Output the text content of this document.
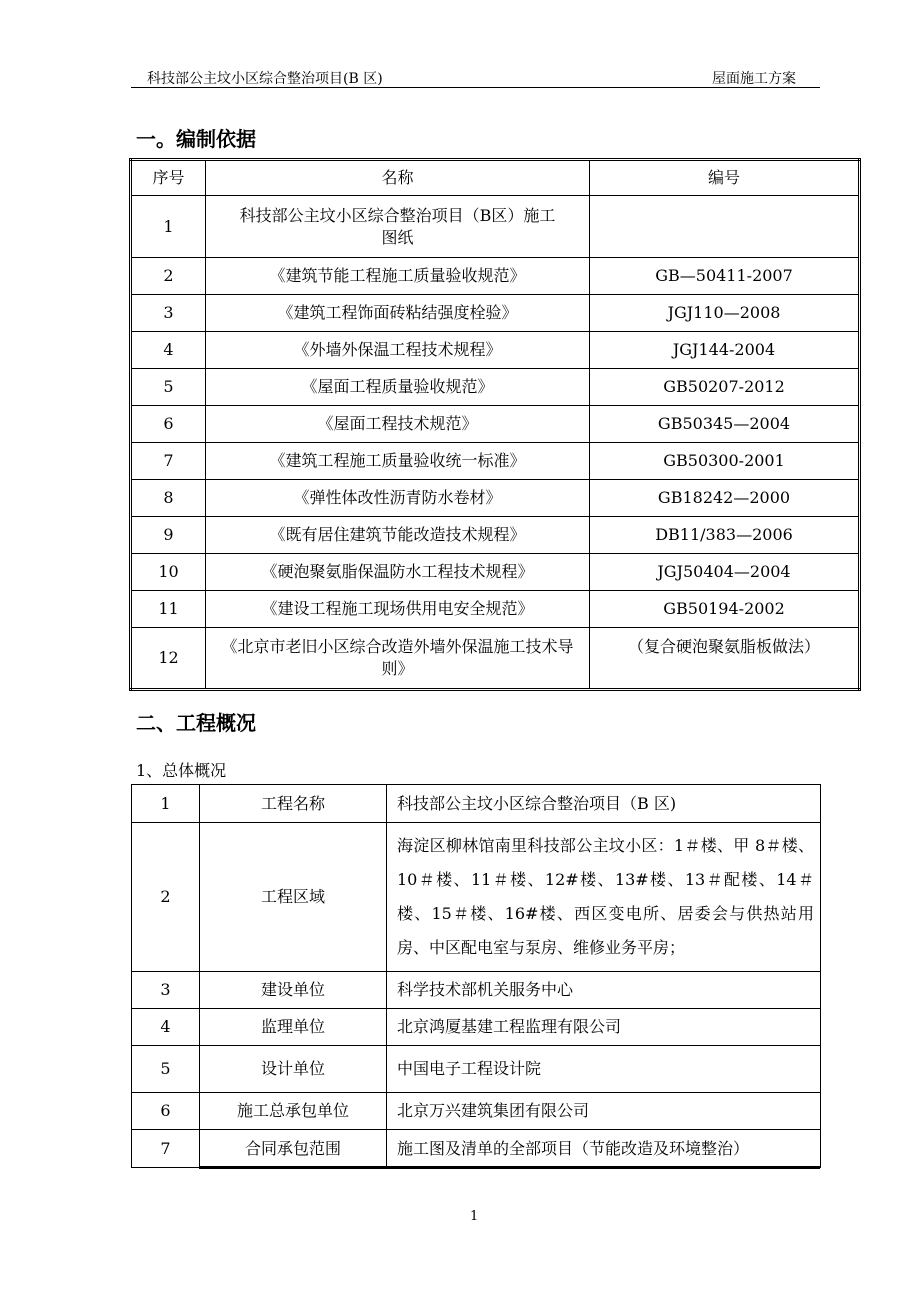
科技部公主坟小区综合整治项目(B 区)	屋面施工方案
一。编制依据
序号	名称	编号
1	科技部公主坟小区综合整治项目（B区）施工图纸	
2	《建筑节能工程施工质量验收规范》	GB—50411-2007
3	《建筑工程饰面砖粘结强度栓验》	JGJ110—2008
4	《外墙外保温工程技术规程》	JGJ144-2004
5	《屋面工程质量验收规范》	GB50207-2012
6	《屋面工程技术规范》	GB50345—2004
7	《建筑工程施工质量验收统一标准》	GB50300-2001
8	《弹性体改性沥青防水卷材》	GB18242—2000
9	《既有居住建筑节能改造技术规程》	DB11/383—2006
10	《硬泡聚氨脂保温防水工程技术规程》	JGJ50404—2004
11	《建设工程施工现场供用电安全规范》	GB50194-2002
12	《北京市老旧小区综合改造外墙外保温施工技术导则》	（复合硬泡聚氨脂板做法）
二、工程概况
1、总体概况
1	工程名称	科技部公主坟小区综合整治项目（B 区)
2	工程区域	海淀区柳林馆南里科技部公主坟小区：1＃楼、甲 8＃楼、10＃楼、11＃楼、12#楼、13#楼、13＃配楼、14＃楼、15＃楼、16#楼、西区变电所、居委会与供热站用房、中区配电室与泵房、维修业务平房；
3	建设单位	科学技术部机关服务中心
4	监理单位	北京鸿厦基建工程监理有限公司
5	设计单位	中国电子工程设计院
6	施工总承包单位	北京万兴建筑集团有限公司
7	合同承包范围	施工图及清单的全部项目（节能改造及环境整治）
1
